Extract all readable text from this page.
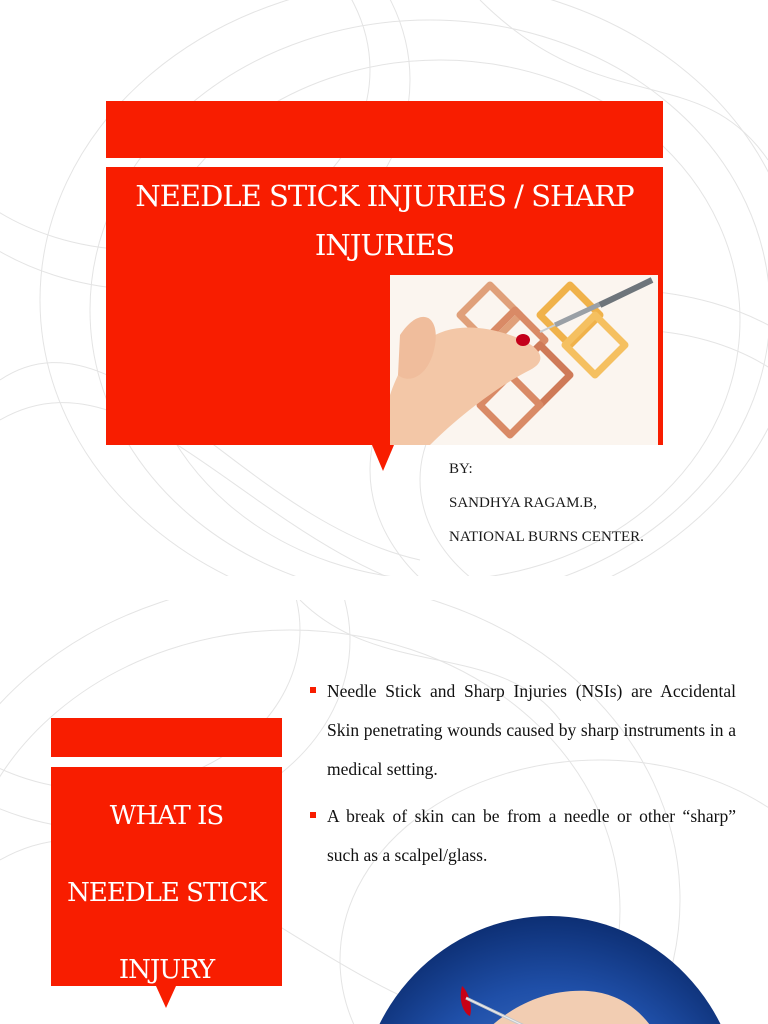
NEEDLE STICK INJURIES / SHARP
INJURIES
BY:
SANDHYA RAGAM.B,
NATIONAL BURNS CENTER.
WHAT IS
NEEDLE STICK
INJURY
Needle Stick and Sharp Injuries (NSIs) are Accidental Skin penetrating wounds caused by sharp instruments in a medical setting.
A break of skin can be from a needle or other “sharp” such as a scalpel/glass.
